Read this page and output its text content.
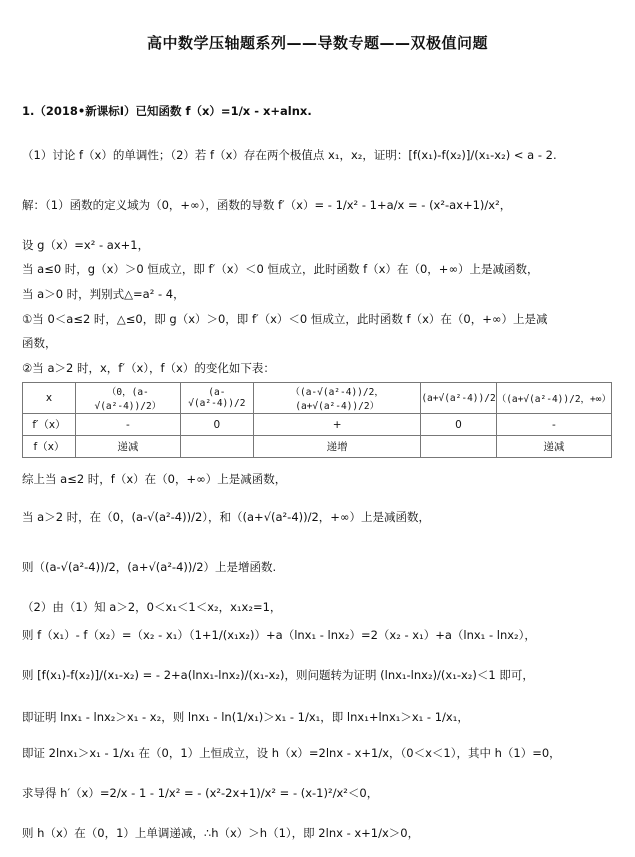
高中数学压轴题系列——导数专题——双极值问题
1.（2018•新课标Ⅰ）已知函数 f（x）=1/x - x+alnx.
（1）讨论 f（x）的单调性；（2）若 f（x）存在两个极值点 x₁，x₂，证明：[f(x₁)-f(x₂)]/(x₁-x₂) < a - 2.
解：（1）函数的定义域为（0，+∞），函数的导数 f′（x）= - 1/x² - 1+a/x = - (x²-ax+1)/x²，
设 g（x）=x² - ax+1，
当 a≤0 时，g（x）＞0 恒成立，即 f′（x）＜0 恒成立，此时函数 f（x）在（0，+∞）上是减函数，
当 a＞0 时，判别式△=a² - 4，
①当 0＜a≤2 时，△≤0，即 g（x）＞0，即 f′（x）＜0 恒成立，此时函数 f（x）在（0，+∞）上是减
函数，
②当 a＞2 时，x，f′（x），f（x）的变化如下表：
x	（0，(a-√(a²-4))/2）	(a-√(a²-4))/2	（(a-√(a²-4))/2，(a+√(a²-4))/2）	(a+√(a²-4))/2	（(a+√(a²-4))/2，+∞）
f′（x）	-	0	+	0	-
f（x）	递减		递增		递减
综上当 a≤2 时，f（x）在（0，+∞）上是减函数，
当 a＞2 时，在（0，(a-√(a²-4))/2），和（(a+√(a²-4))/2，+∞）上是减函数，
则（(a-√(a²-4))/2，(a+√(a²-4))/2）上是增函数.
（2）由（1）知 a＞2，0＜x₁＜1＜x₂，x₁x₂=1，
则 f（x₁）- f（x₂）=（x₂ - x₁）（1+1/(x₁x₂)）+a（lnx₁ - lnx₂）=2（x₂ - x₁）+a（lnx₁ - lnx₂），
则 [f(x₁)-f(x₂)]/(x₁-x₂) = - 2+a(lnx₁-lnx₂)/(x₁-x₂)，则问题转为证明 (lnx₁-lnx₂)/(x₁-x₂)＜1 即可，
即证明 lnx₁ - lnx₂＞x₁ - x₂，则 lnx₁ - ln(1/x₁)＞x₁ - 1/x₁，即 lnx₁+lnx₁＞x₁ - 1/x₁，
即证 2lnx₁＞x₁ - 1/x₁ 在（0，1）上恒成立，设 h（x）=2lnx - x+1/x，（0＜x＜1），其中 h（1）=0，
求导得 h′（x）=2/x - 1 - 1/x² = - (x²-2x+1)/x² = - (x-1)²/x²＜0，
则 h（x）在（0，1）上单调递减，∴h（x）＞h（1），即 2lnx - x+1/x＞0，
